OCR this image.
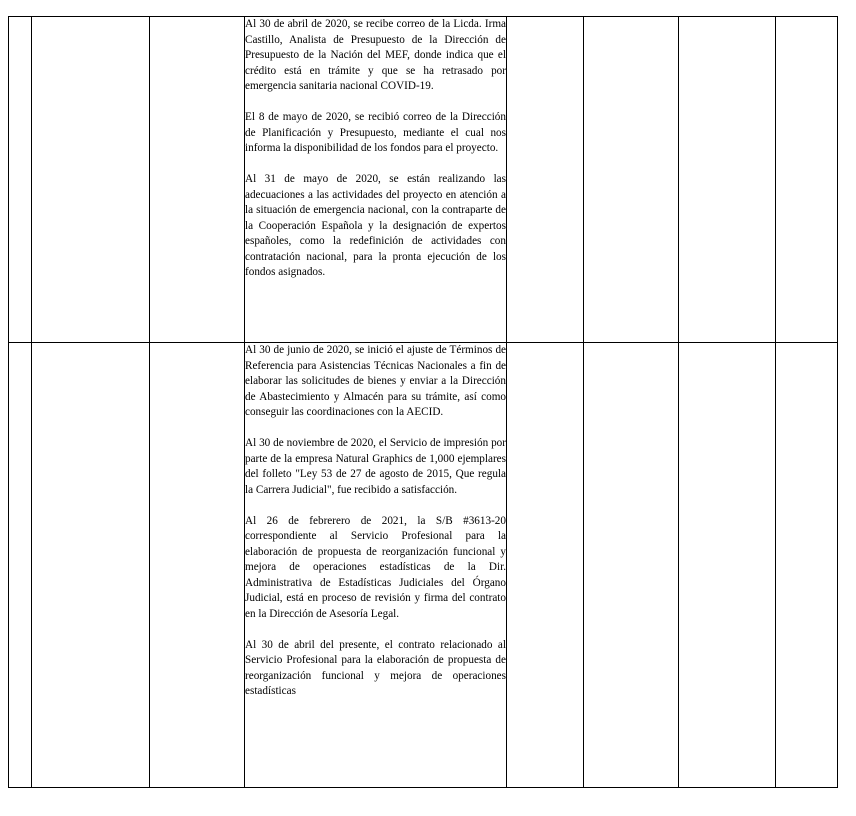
			Al 30 de abril de 2020, se recibe correo de la Licda. Irma Castillo, Analista de Presupuesto de la Dirección de Presupuesto de la Nación del MEF, donde indica que el crédito está en trámite y que se ha retrasado por emergencia sanitaria nacional COVID-19.

El 8 de mayo de 2020, se recibió correo de la Dirección de Planificación y Presupuesto, mediante el cual nos informa la disponibilidad de los fondos para el proyecto.

Al 31 de mayo de 2020, se están realizando las adecuaciones a las actividades del proyecto en atención a la situación de emergencia nacional, con la contraparte de la Cooperación Española y la designación de expertos españoles, como la redefinición de actividades con contratación nacional, para la pronta ejecución de los fondos asignados.				

			Al 30 de junio de 2020, se inició el ajuste de Términos de Referencia para Asistencias Técnicas Nacionales a fin de elaborar las solicitudes de bienes y enviar a la Dirección de Abastecimiento y Almacén para su trámite, así como conseguir las coordinaciones con la AECID.

Al 30 de noviembre de 2020, el Servicio de impresión por parte de la empresa Natural Graphics de 1,000 ejemplares del folleto "Ley 53 de 27 de agosto de 2015, Que regula la Carrera Judicial", fue recibido a satisfacción.

Al 26 de febrerero de 2021, la S/B #3613-20 correspondiente al Servicio Profesional para la elaboración de propuesta de reorganización funcional y mejora de operaciones estadísticas de la Dir. Administrativa de Estadísticas Judiciales del Órgano Judicial, está en proceso de revisión y firma del contrato en la Dirección de Asesoría Legal.

Al 30 de abril del presente, el contrato relacionado al Servicio Profesional para la elaboración de propuesta de reorganización funcional y mejora de operaciones estadísticas				
